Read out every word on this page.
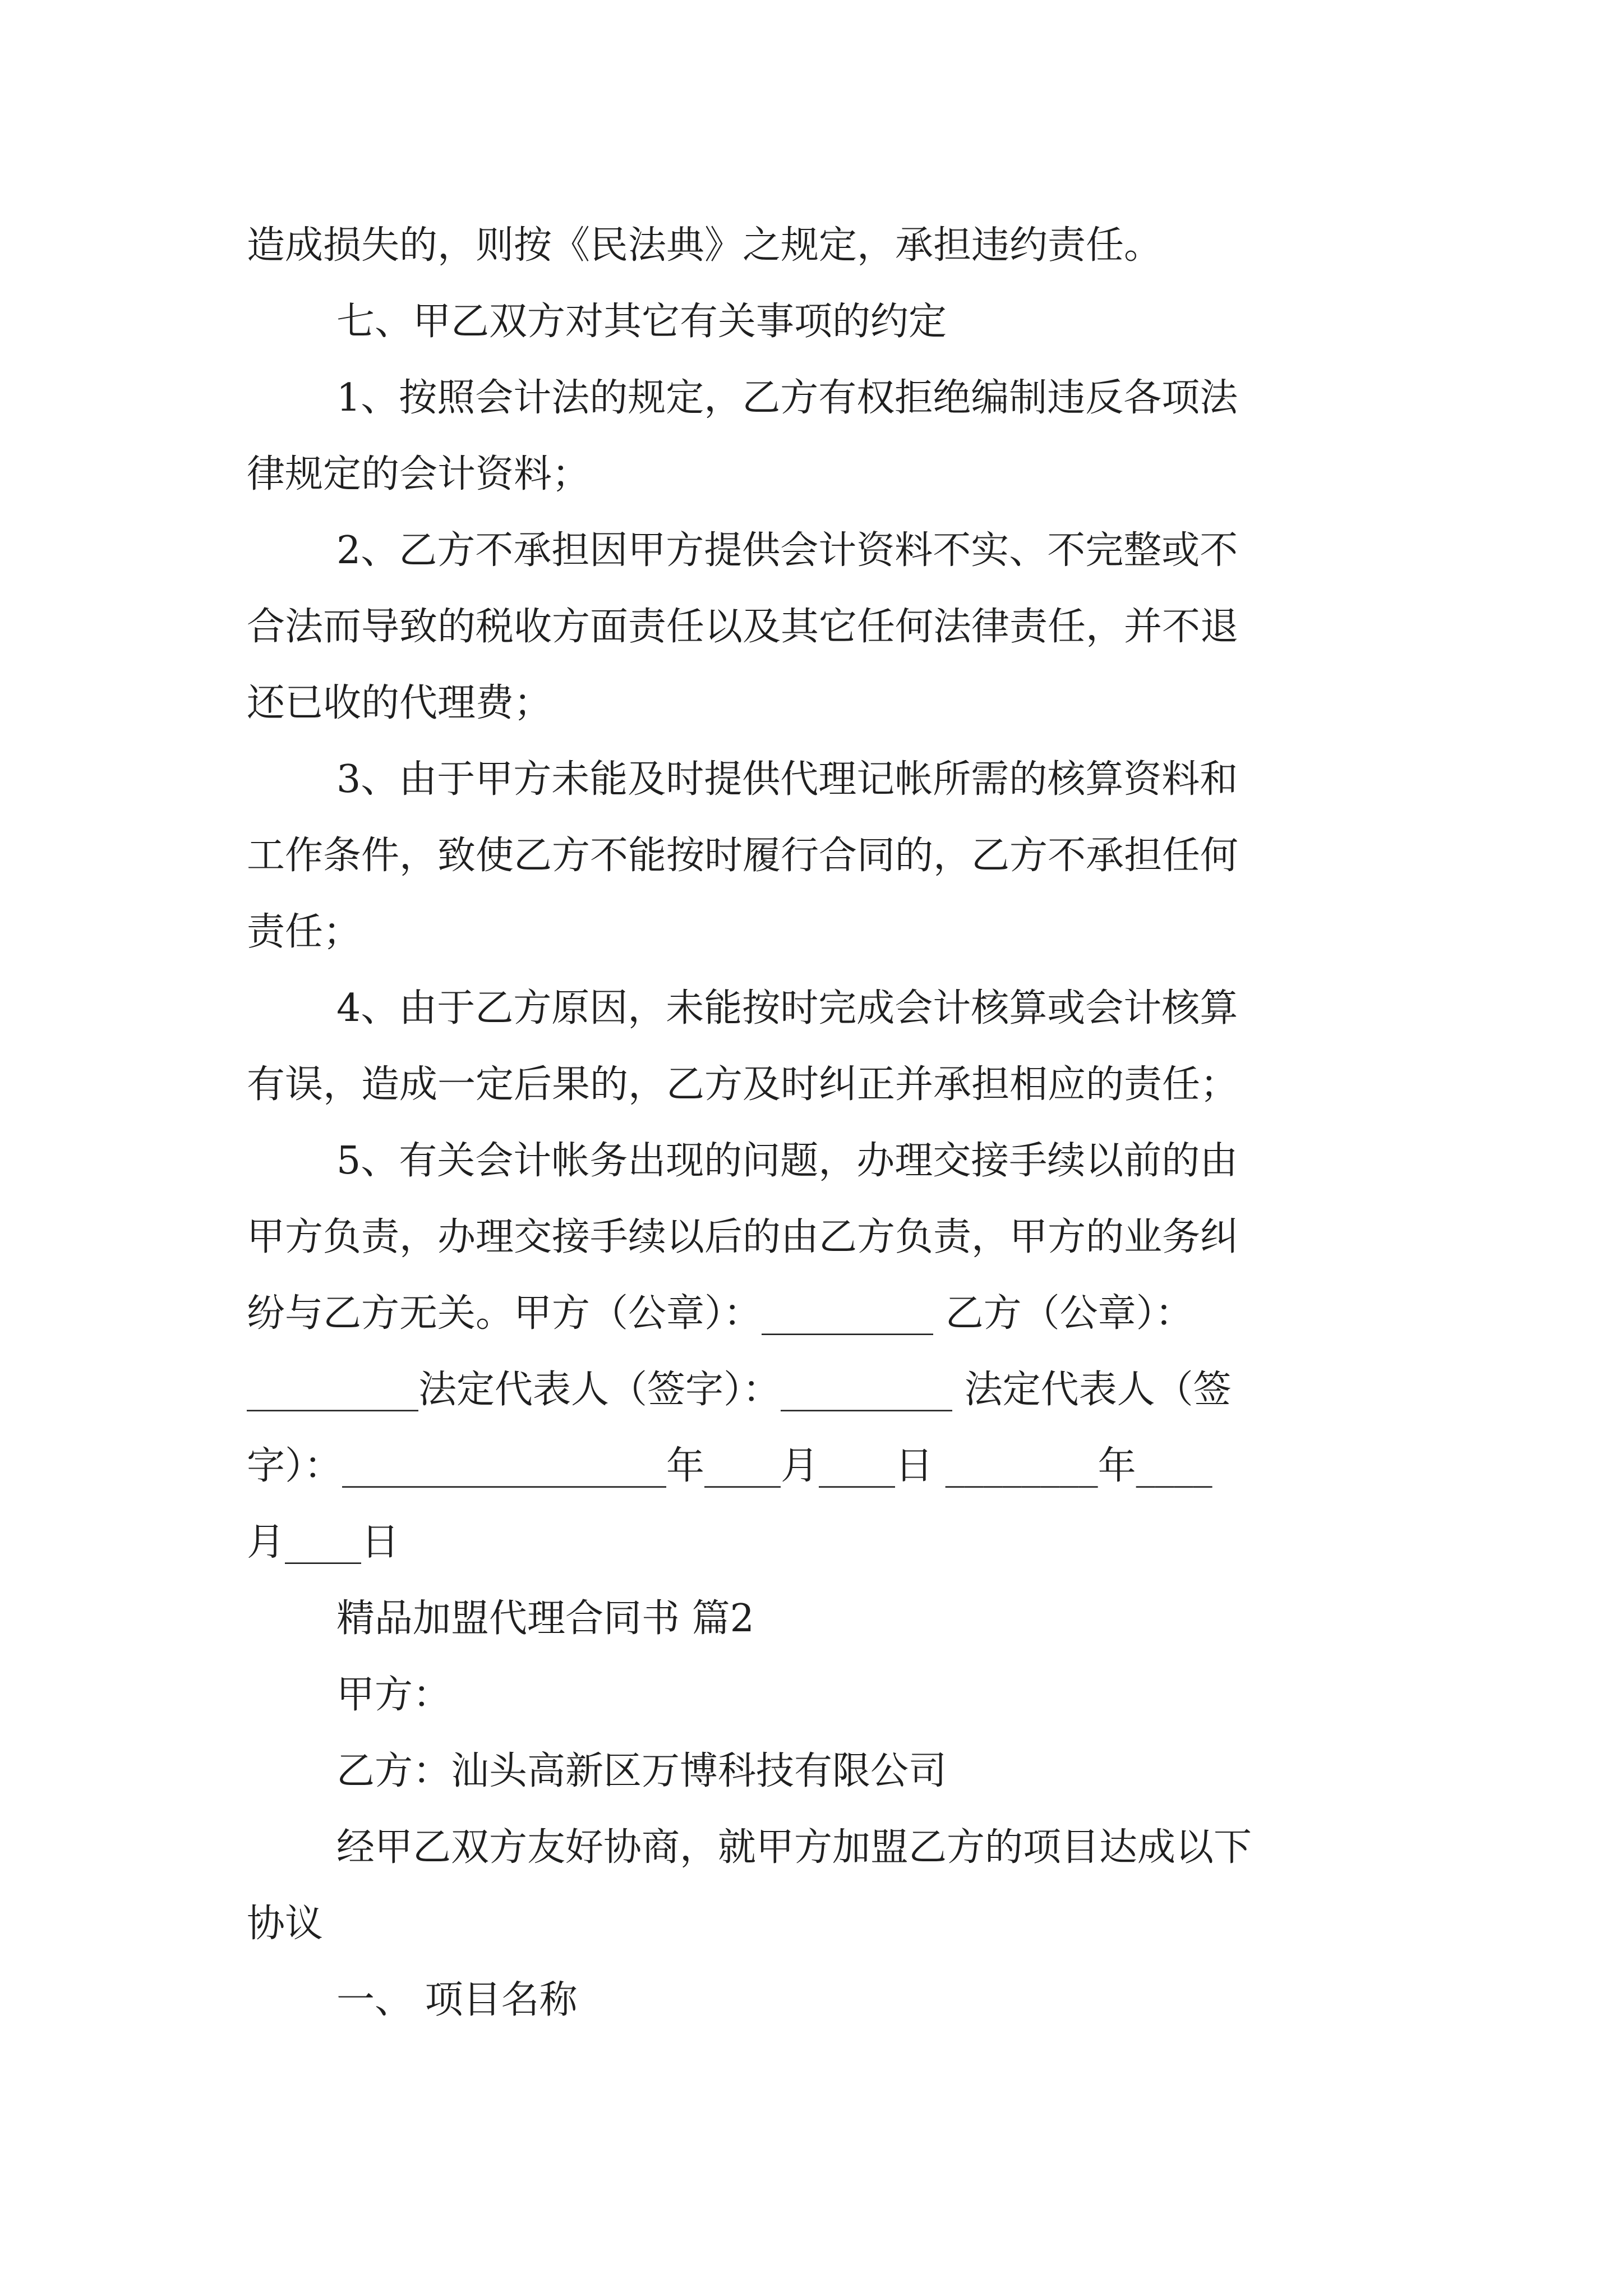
造成损失的，则按《民法典》之规定，承担违约责任。
七、甲乙双方对其它有关事项的约定
1、按照会计法的规定，乙方有权拒绝编制违反各项法
律规定的会计资料；
2、乙方不承担因甲方提供会计资料不实、不完整或不
合法而导致的税收方面责任以及其它任何法律责任，并不退
还已收的代理费；
3、由于甲方未能及时提供代理记帐所需的核算资料和
工作条件，致使乙方不能按时履行合同的，乙方不承担任何
责任；
4、由于乙方原因，未能按时完成会计核算或会计核算
有误，造成一定后果的，乙方及时纠正并承担相应的责任；
5、有关会计帐务出现的问题，办理交接手续以前的由
甲方负责，办理交接手续以后的由乙方负责，甲方的业务纠
纷与乙方无关。甲方（公章）：_________ 乙方（公章）：
_________法定代表人（签字）：_________ 法定代表人（签
字）：_________________年____月____日 ________年____
月____日
精品加盟代理合同书 篇2
甲方：
乙方：汕头高新区万博科技有限公司
经甲乙双方友好协商，就甲方加盟乙方的项目达成以下
协议
一、 项目名称
